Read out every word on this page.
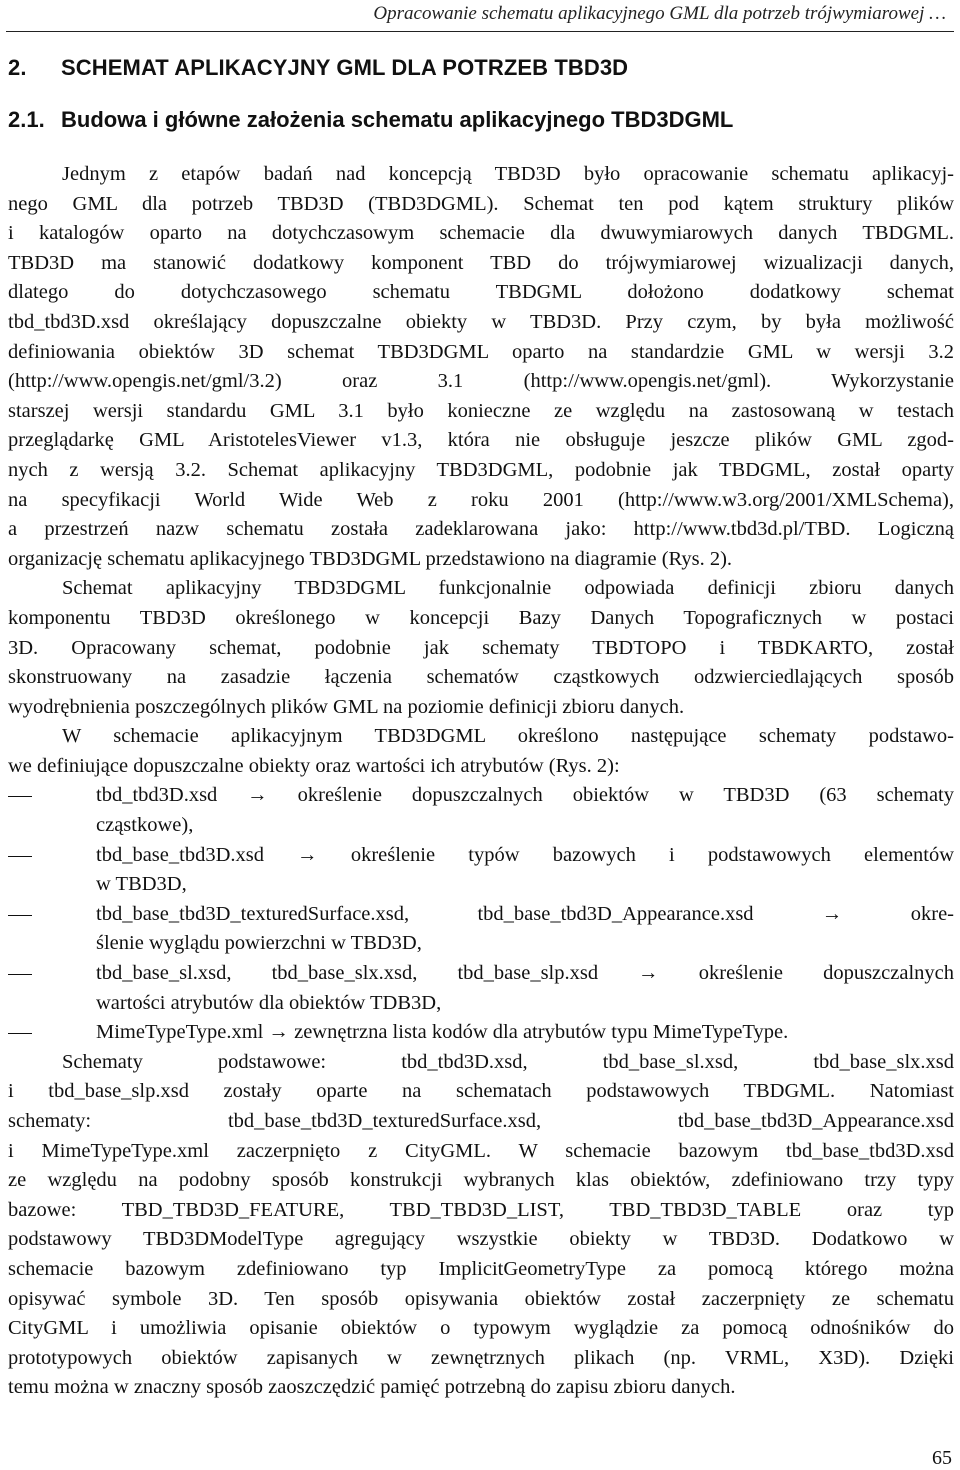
Opracowanie schematu aplikacyjnego GML dla potrzeb trójwymiarowej …
2. SCHEMAT APLIKACYJNY GML DLA POTRZEB TBD3D
2.1. Budowa i główne założenia schematu aplikacyjnego TBD3DGML
Jednym z etapów badań nad koncepcją TBD3D było opracowanie schematu aplikacyj-
nego GML dla potrzeb TBD3D (TBD3DGML). Schemat ten pod kątem struktury plików
i katalogów oparto na dotychczasowym schemacie dla dwuwymiarowych danych TBDGML.
TBD3D ma stanowić dodatkowy komponent TBD do trójwymiarowej wizualizacji danych,
dlatego do dotychczasowego schematu TBDGML dołożono dodatkowy schemat
tbd_tbd3D.xsd określający dopuszczalne obiekty w TBD3D. Przy czym, by była możliwość
definiowania obiektów 3D schemat TBD3DGML oparto na standardzie GML w wersji 3.2
(http://www.opengis.net/gml/3.2) oraz 3.1 (http://www.opengis.net/gml). Wykorzystanie
starszej wersji standardu GML 3.1 było konieczne ze względu na zastosowaną w testach
przeglądarkę GML AristotelesViewer v1.3, która nie obsługuje jeszcze plików GML zgod-
nych z wersją 3.2. Schemat aplikacyjny TBD3DGML, podobnie jak TBDGML, został oparty
na specyfikacji World Wide Web z roku 2001 (http://www.w3.org/2001/XMLSchema),
a przestrzeń nazw schematu została zadeklarowana jako: http://www.tbd3d.pl/TBD. Logiczną
organizację schematu aplikacyjnego TBD3DGML przedstawiono na diagramie (Rys. 2).
Schemat aplikacyjny TBD3DGML funkcjonalnie odpowiada definicji zbioru danych
komponentu TBD3D określonego w koncepcji Bazy Danych Topograficznych w postaci
3D. Opracowany schemat, podobnie jak schematy TBDTOPO i TBDKARTO, został
skonstruowany na zasadzie łączenia schematów cząstkowych odzwierciedlających sposób
wyodrębnienia poszczególnych plików GML na poziomie definicji zbioru danych.
W schemacie aplikacyjnym TBD3DGML określono następujące schematy podstawo-
we definiujące dopuszczalne obiekty oraz wartości ich atrybutów (Rys. 2):
tbd_tbd3D.xsd → określenie dopuszczalnych obiektów w TBD3D (63 schematy
cząstkowe),
tbd_base_tbd3D.xsd → określenie typów bazowych i podstawowych elementów
w TBD3D,
tbd_base_tbd3D_texturedSurface.xsd, tbd_base_tbd3D_Appearance.xsd → okre-
ślenie wyglądu powierzchni w TBD3D,
tbd_base_sl.xsd, tbd_base_slx.xsd, tbd_base_slp.xsd → określenie dopuszczalnych
wartości atrybutów dla obiektów TDB3D,
MimeTypeType.xml → zewnętrzna lista kodów dla atrybutów typu MimeTypeType.
Schematy podstawowe: tbd_tbd3D.xsd, tbd_base_sl.xsd, tbd_base_slx.xsd
i tbd_base_slp.xsd zostały oparte na schematach podstawowych TBDGML. Natomiast
schematy: tbd_base_tbd3D_texturedSurface.xsd, tbd_base_tbd3D_Appearance.xsd
i MimeTypeType.xml zaczerpnięto z CityGML. W schemacie bazowym tbd_base_tbd3D.xsd
ze względu na podobny sposób konstrukcji wybranych klas obiektów, zdefiniowano trzy typy
bazowe: TBD_TBD3D_FEATURE, TBD_TBD3D_LIST, TBD_TBD3D_TABLE oraz typ
podstawowy TBD3DModelType agregujący wszystkie obiekty w TBD3D. Dodatkowo w
schemacie bazowym zdefiniowano typ ImplicitGeometryType za pomocą którego można
opisywać symbole 3D. Ten sposób opisywania obiektów został zaczerpnięty ze schematu
CityGML i umożliwia opisanie obiektów o typowym wyglądzie za pomocą odnośników do
prototypowych obiektów zapisanych w zewnętrznych plikach (np. VRML, X3D). Dzięki
temu można w znaczny sposób zaoszczędzić pamięć potrzebną do zapisu zbioru danych.
65
